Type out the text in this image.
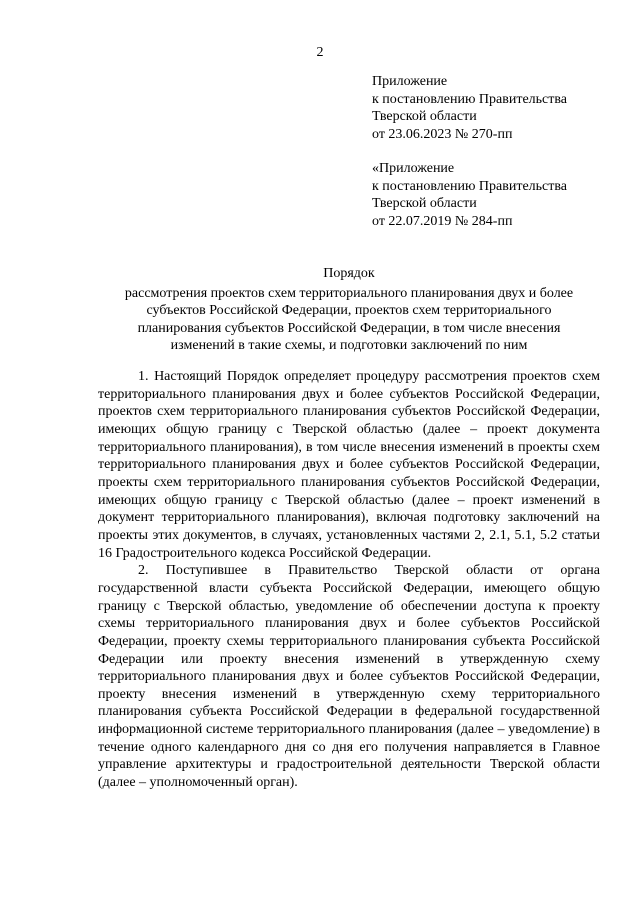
2
Приложение
к постановлению Правительства
Тверской области
от 23.06.2023 № 270-пп
«Приложение
к постановлению Правительства
Тверской области
от 22.07.2019 № 284-пп
Порядок
рассмотрения проектов схем территориального планирования двух и более
субъектов Российской Федерации, проектов схем территориального
планирования субъектов Российской Федерации, в том числе внесения
изменений в такие схемы, и подготовки заключений по ним

1. Настоящий Порядок определяет процедуру рассмотрения проектов схем территориального планирования двух и более субъектов Российской Федерации, проектов схем территориального планирования субъектов Российской Федерации, имеющих общую границу с Тверской областью (далее – проект документа территориального планирования), в том числе внесения изменений в проекты схем территориального планирования двух и более субъектов Российской Федерации, проекты схем территориального планирования субъектов Российской Федерации, имеющих общую границу с Тверской областью (далее – проект изменений в документ территориального планирования), включая подготовку заключений на проекты этих документов, в случаях, установленных частями 2, 2.1, 5.1, 5.2 статьи 16 Градостроительного кодекса Российской Федерации.

2. Поступившее в Правительство Тверской области от органа государственной власти субъекта Российской Федерации, имеющего общую границу с Тверской областью, уведомление об обеспечении доступа к проекту схемы территориального планирования двух и более субъектов Российской Федерации, проекту схемы территориального планирования субъекта Российской Федерации или проекту внесения изменений в утвержденную схему территориального планирования двух и более субъектов Российской Федерации, проекту внесения изменений в утвержденную схему территориального планирования субъекта Российской Федерации в федеральной государственной информационной системе территориального планирования (далее – уведомление) в течение одного календарного дня со дня его получения направляется в Главное управление архитектуры и градостроительной деятельности Тверской области (далее – уполномоченный орган).
